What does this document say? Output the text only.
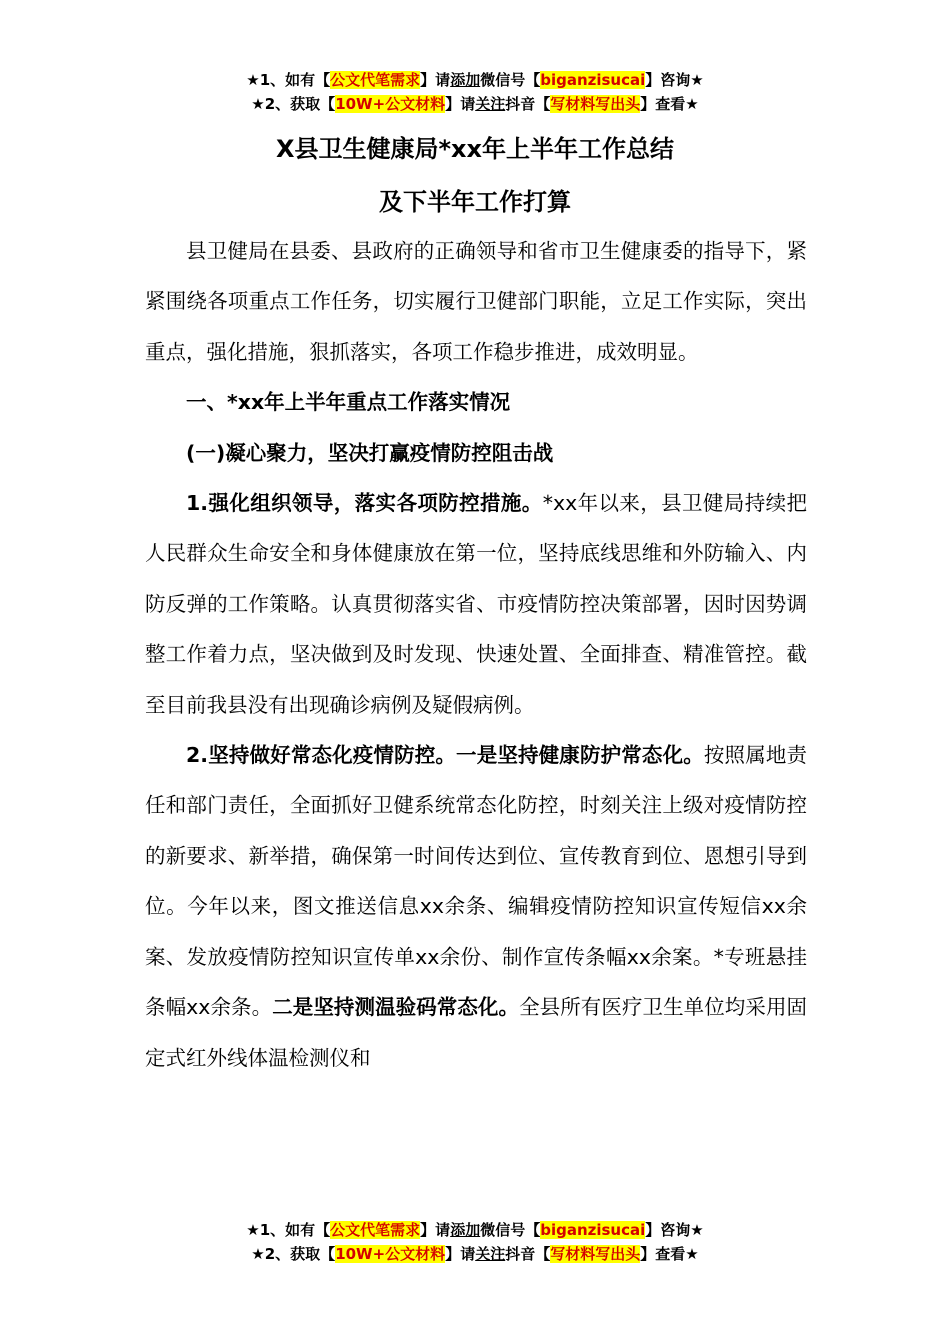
★1、如有【公文代笔需求】请添加微信号【biganzisucai】咨询★
★2、获取【10W+公文材料】请关注抖音【写材料写出头】查看★
X县卫生健康局*xx年上半年工作总结
及下半年工作打算

县卫健局在县委、县政府的正确领导和省市卫生健康委的指导下，紧紧围绕各项重点工作任务，切实履行卫健部门职能，立足工作实际，突出重点，强化措施，狠抓落实，各项工作稳步推进，成效明显。

一、*xx年上半年重点工作落实情况

(一)凝心聚力，坚决打赢疫情防控阻击战

1.强化组织领导，落实各项防控措施。*xx年以来，县卫健局持续把人民群众生命安全和身体健康放在第一位，坚持底线思维和外防输入、内防反弹的工作策略。认真贯彻落实省、市疫情防控决策部署，因时因势调整工作着力点，坚决做到及时发现、快速处置、全面排查、精准管控。截至目前我县没有出现确诊病例及疑假病例。

2.坚持做好常态化疫情防控。一是坚持健康防护常态化。按照属地责任和部门责任，全面抓好卫健系统常态化防控，时刻关注上级对疫情防控的新要求、新举措，确保第一时间传达到位、宣传教育到位、恩想引导到位。今年以来，图文推送信息xx余条、编辑疫情防控知识宣传短信xx余案、发放疫情防控知识宣传单xx余份、制作宣传条幅xx余案。*专班悬挂条幅xx余条。二是坚持测温验码常态化。全县所有医疗卫生单位均采用固定式红外线体温检测仪和

★1、如有【公文代笔需求】请添加微信号【biganzisucai】咨询★
★2、获取【10W+公文材料】请关注抖音【写材料写出头】查看★
